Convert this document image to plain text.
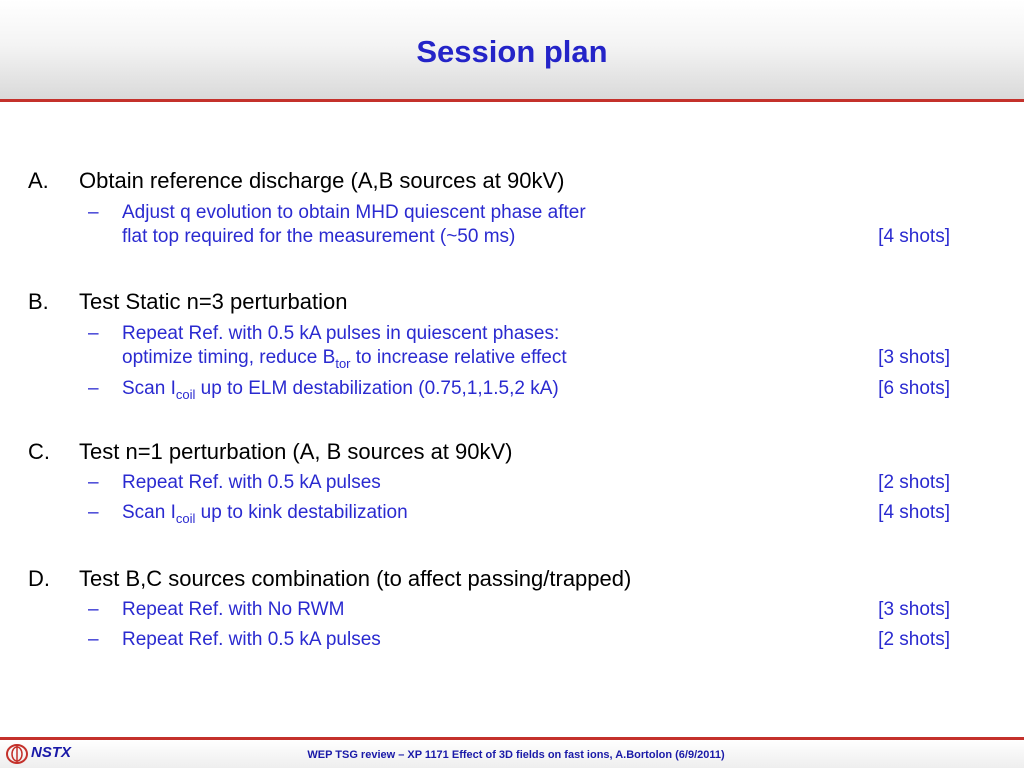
Session plan
A. Obtain reference discharge (A,B sources at 90kV)
–	Adjust q evolution to obtain MHD quiescent phase after
flat top required for the measurement (~50 ms)	[4 shots]
B. Test Static n=3 perturbation
–	Repeat Ref. with 0.5 kA pulses in quiescent phases:
optimize timing, reduce $B_{tor}$ to increase relative effect	[3 shots]
–	Scan $I_{coil}$ up to ELM destabilization (0.75,1,1.5,2 kA)	[6 shots]
C. Test n=1 perturbation (A, B sources at 90kV)
–	Repeat Ref. with 0.5 kA pulses	[2 shots]
–	Scan $I_{coil}$ up to kink destabilization	[4 shots]
D. Test B,C sources combination (to affect passing/trapped)
–	Repeat Ref. with No RWM	[3 shots]
–	Repeat Ref. with 0.5 kA pulses	[2 shots]
NSTX	WEP TSG review – XP 1171 Effect of 3D fields on fast ions, A.Bortolon (6/9/2011)
